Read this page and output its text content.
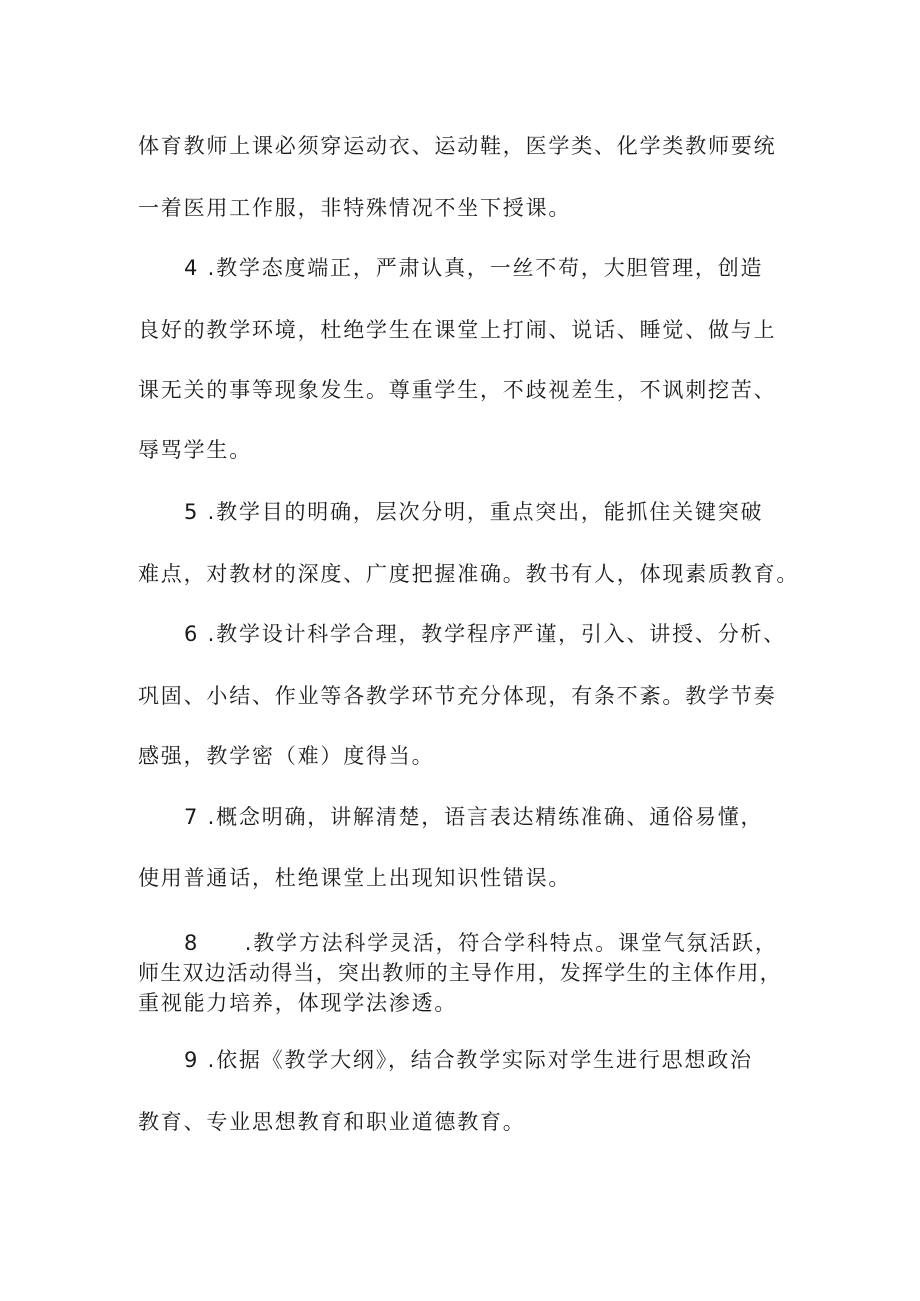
体育教师上课必须穿运动衣、运动鞋，医学类、化学类教师要统
一着医用工作服，非特殊情况不坐下授课。
4 .教学态度端正，严肃认真，一丝不苟，大胆管理，创造
良好的教学环境，杜绝学生在课堂上打闹、说话、睡觉、做与上
课无关的事等现象发生。尊重学生，不歧视差生，不讽刺挖苦、
辱骂学生。
5 .教学目的明确，层次分明，重点突出，能抓住关键突破
难点，对教材的深度、广度把握准确。教书有人，体现素质教育。
6 .教学设计科学合理，教学程序严谨，引入、讲授、分析、
巩固、小结、作业等各教学环节充分体现，有条不紊。教学节奏
感强，教学密（难）度得当。
7 .概念明确，讲解清楚，语言表达精练准确、通俗易懂，
使用普通话，杜绝课堂上出现知识性错误。
8　　.教学方法科学灵活，符合学科特点。课堂气氛活跃，
师生双边活动得当，突出教师的主导作用，发挥学生的主体作用，
重视能力培养，体现学法渗透。
9 .依据《教学大纲》，结合教学实际对学生进行思想政治
教育、专业思想教育和职业道德教育。
